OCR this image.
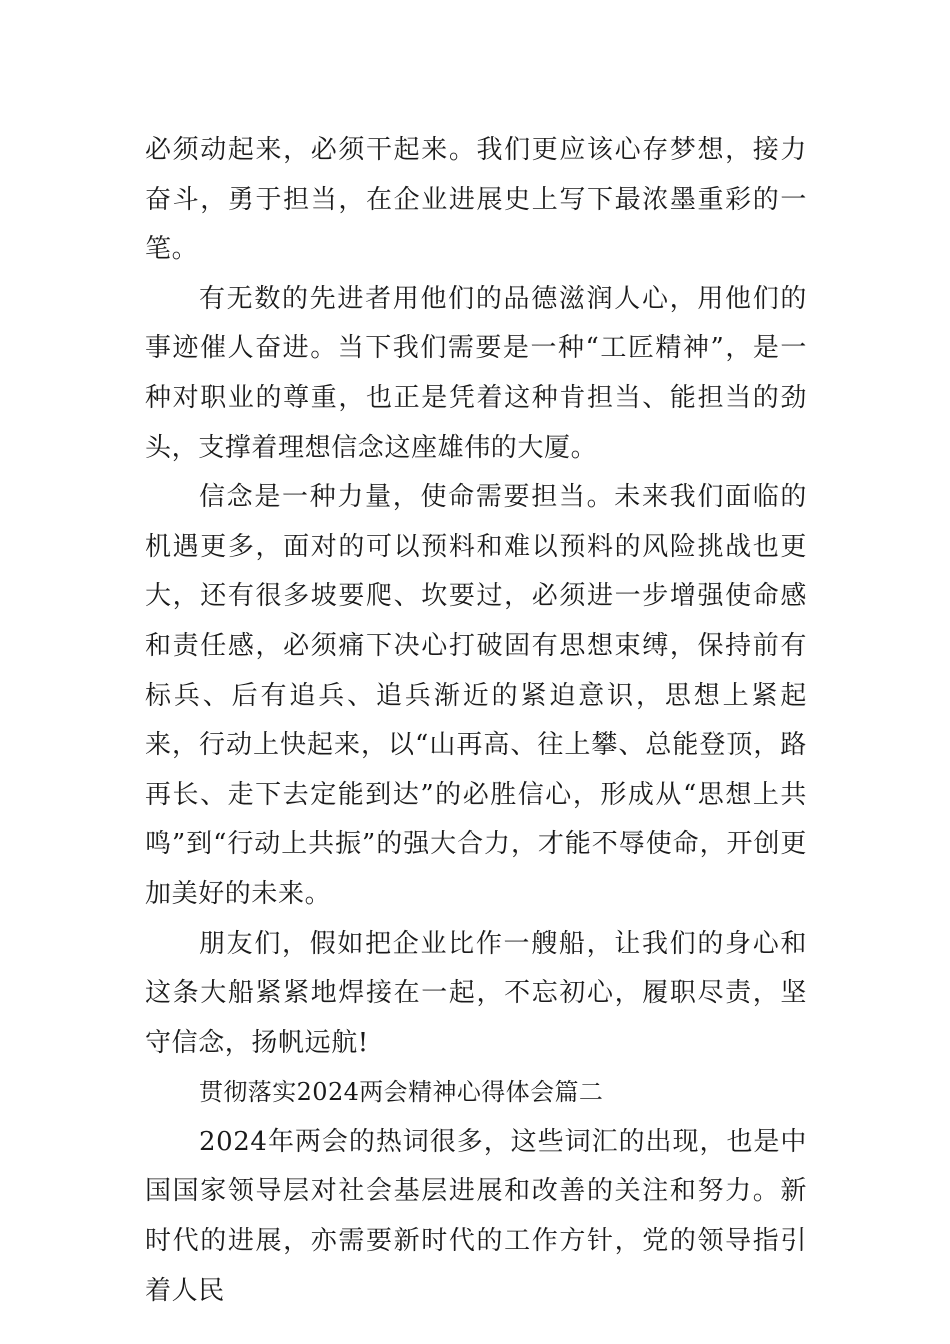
必须动起来，必须干起来。我们更应该心存梦想，接力奋斗，勇于担当，在企业进展史上写下最浓墨重彩的一笔。

有无数的先进者用他们的品德滋润人心，用他们的事迹催人奋进。当下我们需要是一种“工匠精神”，是一种对职业的尊重，也正是凭着这种肯担当、能担当的劲头，支撑着理想信念这座雄伟的大厦。

信念是一种力量，使命需要担当。未来我们面临的机遇更多，面对的可以预料和难以预料的风险挑战也更大，还有很多坡要爬、坎要过，必须进一步增强使命感和责任感，必须痛下决心打破固有思想束缚，保持前有标兵、后有追兵、追兵渐近的紧迫意识，思想上紧起来，行动上快起来，以“山再高、往上攀、总能登顶，路再长、走下去定能到达”的必胜信心，形成从“思想上共鸣”到“行动上共振”的强大合力，才能不辱使命，开创更加美好的未来。

朋友们，假如把企业比作一艘船，让我们的身心和这条大船紧紧地焊接在一起，不忘初心，履职尽责，坚守信念，扬帆远航!

贯彻落实2024两会精神心得体会篇二

2024年两会的热词很多，这些词汇的出现，也是中国国家领导层对社会基层进展和改善的关注和努力。新时代的进展，亦需要新时代的工作方针，党的领导指引着人民
